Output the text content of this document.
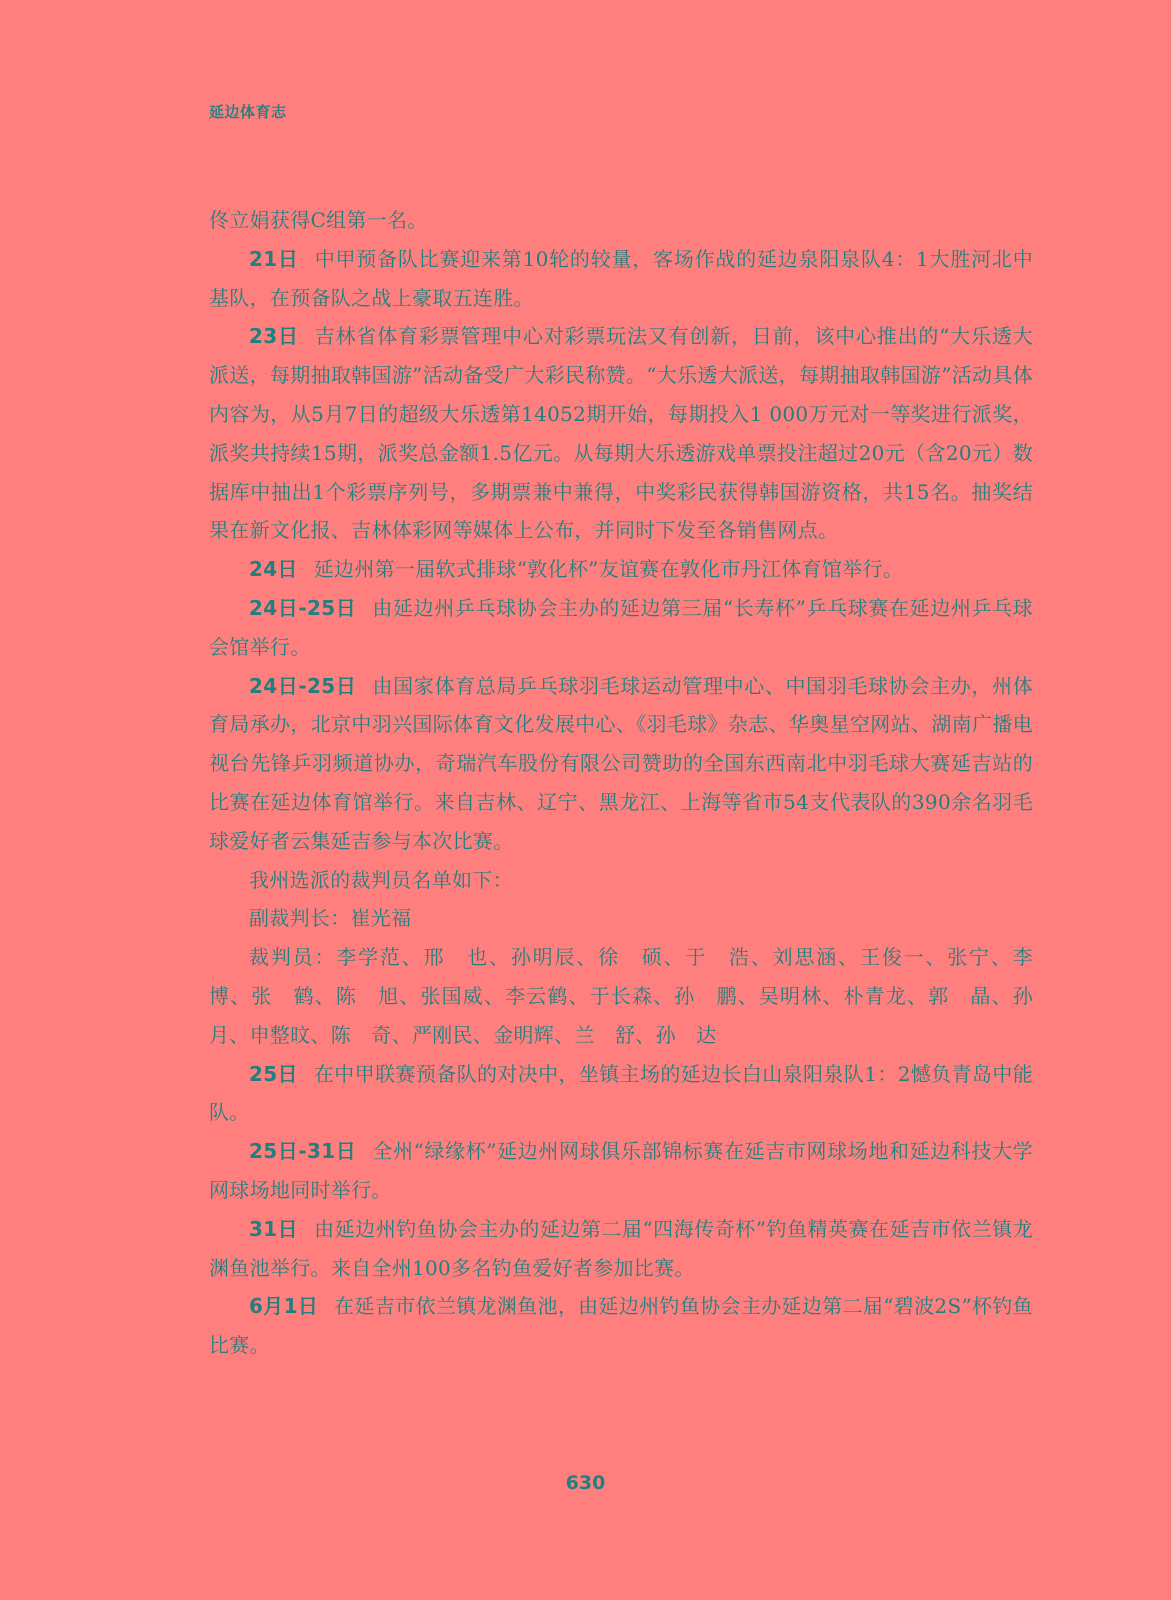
延边体育志

佟立娟获得C组第一名。

21日 中甲预备队比赛迎来第10轮的较量，客场作战的延边泉阳泉队4：1大胜河北中基队，在预备队之战上豪取五连胜。

23日 吉林省体育彩票管理中心对彩票玩法又有创新，日前，该中心推出的“大乐透大派送，每期抽取韩国游”活动备受广大彩民称赞。“大乐透大派送，每期抽取韩国游”活动具体内容为，从5月7日的超级大乐透第14052期开始，每期投入1 000万元对一等奖进行派奖，派奖共持续15期，派奖总金额1.5亿元。从每期大乐透游戏单票投注超过20元（含20元）数据库中抽出1个彩票序列号，多期票兼中兼得，中奖彩民获得韩国游资格，共15名。抽奖结果在新文化报、吉林体彩网等媒体上公布，并同时下发至各销售网点。

24日 延边州第一届软式排球“敦化杯”友谊赛在敦化市丹江体育馆举行。

24日-25日 由延边州乒乓球协会主办的延边第三届“长寿杯”乒乓球赛在延边州乒乓球会馆举行。

24日-25日 由国家体育总局乒乓球羽毛球运动管理中心、中国羽毛球协会主办，州体育局承办，北京中羽兴国际体育文化发展中心、《羽毛球》杂志、华奥星空网站、湖南广播电视台先锋乒羽频道协办，奇瑞汽车股份有限公司赞助的全国东西南北中羽毛球大赛延吉站的比赛在延边体育馆举行。来自吉林、辽宁、黑龙江、上海等省市54支代表队的390余名羽毛球爱好者云集延吉参与本次比赛。

我州选派的裁判员名单如下：

副裁判长：崔光福

裁判员：李学范、邢　也、孙明辰、徐　硕、于　浩、刘思涵、王俊一、张宁、李　博、张　鹤、陈　旭、张国威、李云鹤、于长森、孙　鹏、吴明林、朴青龙、郭　晶、孙　月、申整旼、陈　奇、严刚民、金明辉、兰　舒、孙　达

25日 在中甲联赛预备队的对决中，坐镇主场的延边长白山泉阳泉队1：2憾负青岛中能队。

25日-31日 全州“绿缘杯”延边州网球俱乐部锦标赛在延吉市网球场地和延边科技大学网球场地同时举行。

31日 由延边州钓鱼协会主办的延边第二届“四海传奇杯”钓鱼精英赛在延吉市依兰镇龙渊鱼池举行。来自全州100多名钓鱼爱好者参加比赛。

6月1日 在延吉市依兰镇龙渊鱼池，由延边州钓鱼协会主办延边第二届“碧波2S”杯钓鱼比赛。

630
